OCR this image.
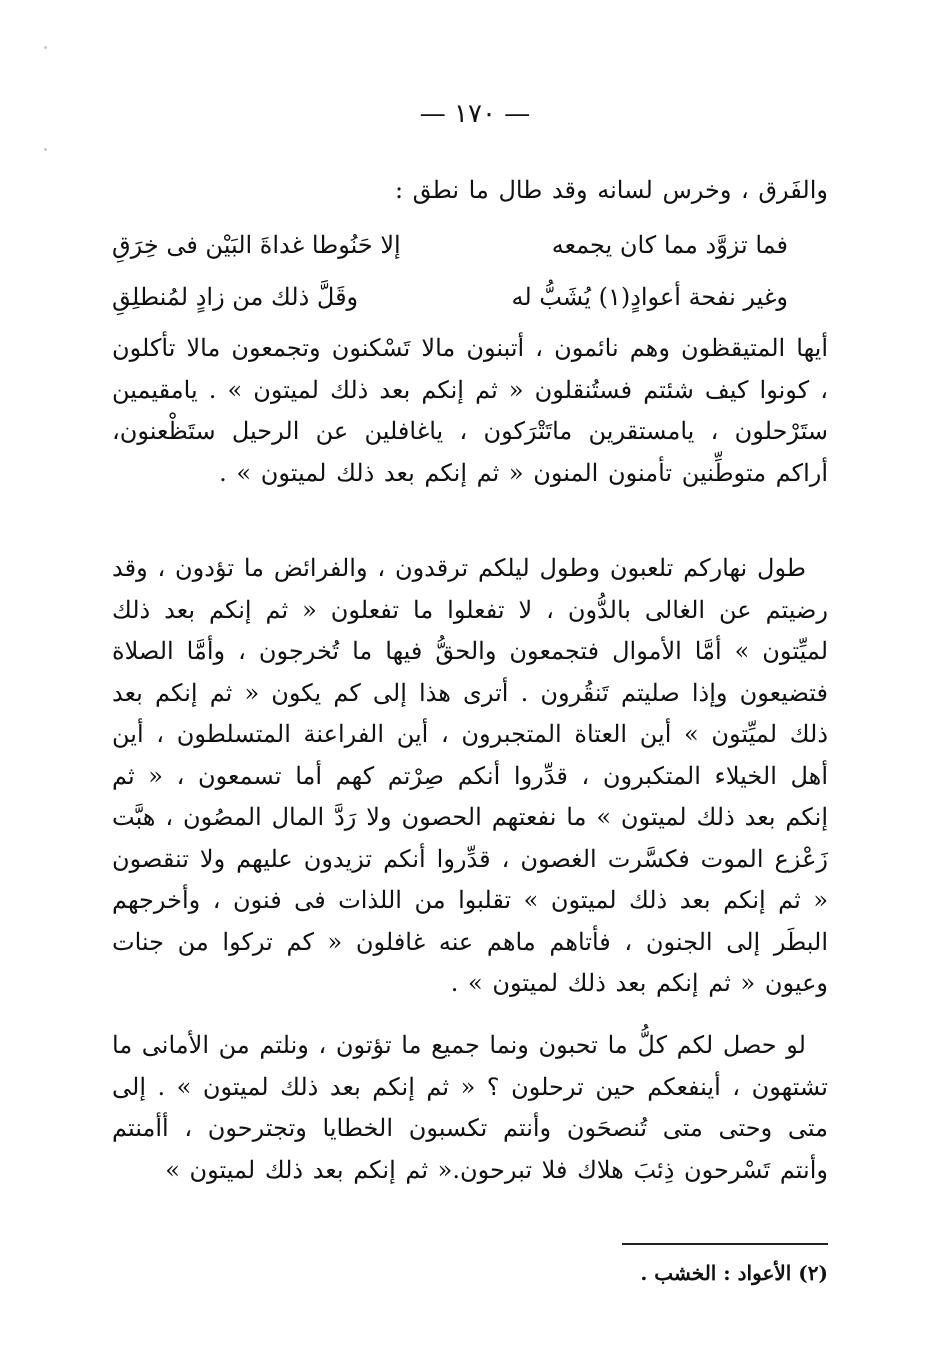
— ١٧٠ —

والفَرق ، وخرس لسانه وقد طال ما نطق :

فما تزوَّد مما كان يجمعه
إلا حَنُوطا غداةَ البَيْن فى خِرَقِ
وغير نفحة أعوادٍ(١) يُشَبُّ له
وقَلَّ ذلك من زادٍ لمُنطلِقِ

أيها المتيقظون وهم نائمون ، أتبنون مالا تَسْكنون وتجمعون مالا تأكلون ، كونوا كيف شئتم فستُنقلون « ثم إنكم بعد ذلك لميتون » . يامقيمين ستَرْحلون ، يامستقرين ماتَتْرَكون ، ياغافلين عن الرحيل ستَظْعنون، أراكم متوطِّنين تأمنون المنون « ثم إنكم بعد ذلك لميتون » .

طول نهاركم تلعبون وطول ليلكم ترقدون ، والفرائض ما تؤدون ، وقد رضيتم عن الغالى بالدُّون ، لا تفعلوا ما تفعلون « ثم إنكم بعد ذلك لميِّتون » أمَّا الأموال فتجمعون والحقُّ فيها ما تُخرجون ، وأمَّا الصلاة فتضيعون وإذا صليتم تَنقُرون . أترى هذا إلى كم يكون « ثم إنكم بعد ذلك لميِّتون » أين العتاة المتجبرون ، أين الفراعنة المتسلطون ، أين أهل الخيلاء المتكبرون ، قدِّروا أنكم صِرْتم كهم أما تسمعون ، « ثم إنكم بعد ذلك لميتون » ما نفعتهم الحصون ولا رَدَّ المال المصُون ، هبَّت زَعْزع الموت فكسَّرت الغصون ، قدِّروا أنكم تزيدون عليهم ولا تنقصون « ثم إنكم بعد ذلك لميتون » تقلبوا من اللذات فى فنون ، وأخرجهم البطَر إلى الجنون ، فأتاهم ماهم عنه غافلون « كم تركوا من جنات وعيون « ثم إنكم بعد ذلك لميتون » .

لو حصل لكم كلُّ ما تحبون ونما جميع ما تؤتون ، ونلتم من الأمانى ما تشتهون ، أينفعكم حين ترحلون ؟ « ثم إنكم بعد ذلك لميتون » . إلى متى وحتى متى تُنصحَون وأنتم تكسبون الخطايا وتجترحون ، أأمنتم وأنتم تَسْرحون ذِئبَ هلاك فلا تبرحون.« ثم إنكم بعد ذلك لميتون »

(٢) الأعواد : الخشب .
